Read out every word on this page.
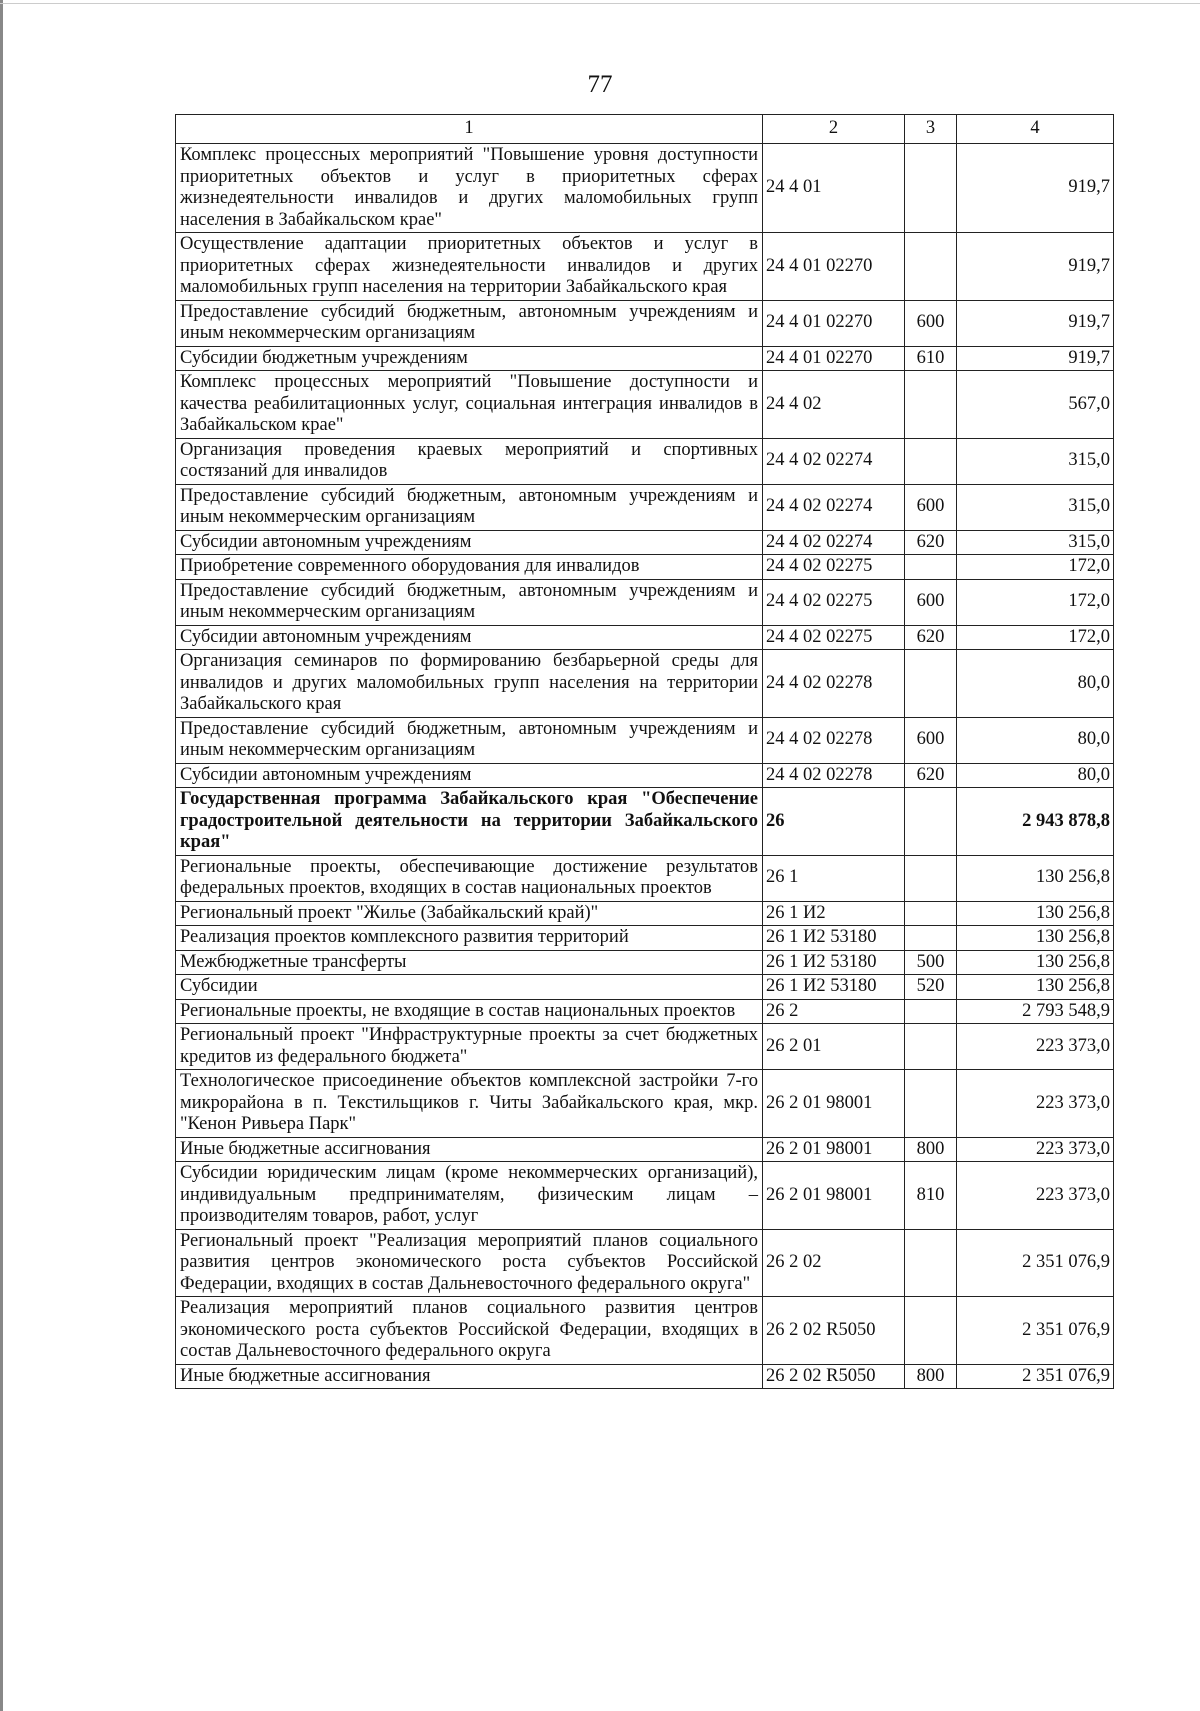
77
1	2	3	4
Комплекс процессных мероприятий "Повышение уровня доступности приоритетных объектов и услуг в приоритетных сферах жизнедеятельности инвалидов и других маломобильных групп населения в Забайкальском крае"	24 4 01		919,7
Осуществление адаптации приоритетных объектов и услуг в приоритетных сферах жизнедеятельности инвалидов и других маломобильных групп населения на территории Забайкальского края	24 4 01 02270		919,7
Предоставление субсидий бюджетным, автономным учреждениям и иным некоммерческим организациям	24 4 01 02270	600	919,7
Субсидии бюджетным учреждениям	24 4 01 02270	610	919,7
Комплекс процессных мероприятий "Повышение доступности и качества реабилитационных услуг, социальная интеграция инвалидов в Забайкальском крае"	24 4 02		567,0
Организация проведения краевых мероприятий и спортивных состязаний для инвалидов	24 4 02 02274		315,0
Предоставление субсидий бюджетным, автономным учреждениям и иным некоммерческим организациям	24 4 02 02274	600	315,0
Субсидии автономным учреждениям	24 4 02 02274	620	315,0
Приобретение современного оборудования для инвалидов	24 4 02 02275		172,0
Предоставление субсидий бюджетным, автономным учреждениям и иным некоммерческим организациям	24 4 02 02275	600	172,0
Субсидии автономным учреждениям	24 4 02 02275	620	172,0
Организация семинаров по формированию безбарьерной среды для инвалидов и других маломобильных групп населения на территории Забайкальского края	24 4 02 02278		80,0
Предоставление субсидий бюджетным, автономным учреждениям и иным некоммерческим организациям	24 4 02 02278	600	80,0
Субсидии автономным учреждениям	24 4 02 02278	620	80,0
Государственная программа Забайкальского края "Обеспечение градостроительной деятельности на территории Забайкальского края"	26		2 943 878,8
Региональные проекты, обеспечивающие достижение результатов федеральных проектов, входящих в состав национальных проектов	26 1		130 256,8
Региональный проект "Жилье (Забайкальский край)"	26 1 И2		130 256,8
Реализация проектов комплексного развития территорий	26 1 И2 53180		130 256,8
Межбюджетные трансферты	26 1 И2 53180	500	130 256,8
Субсидии	26 1 И2 53180	520	130 256,8
Региональные проекты, не входящие в состав национальных проектов	26 2		2 793 548,9
Региональный проект "Инфраструктурные проекты за счет бюджетных кредитов из федерального бюджета"	26 2 01		223 373,0
Технологическое присоединение объектов комплексной застройки 7-го микрорайона в п. Текстильщиков г. Читы Забайкальского края, мкр. "Кенон Ривьера Парк"	26 2 01 98001		223 373,0
Иные бюджетные ассигнования	26 2 01 98001	800	223 373,0
Субсидии юридическим лицам (кроме некоммерческих организаций), индивидуальным предпринимателям, физическим лицам – производителям товаров, работ, услуг	26 2 01 98001	810	223 373,0
Региональный проект "Реализация мероприятий планов социального развития центров экономического роста субъектов Российской Федерации, входящих в состав Дальневосточного федерального округа"	26 2 02		2 351 076,9
Реализация мероприятий планов социального развития центров экономического роста субъектов Российской Федерации, входящих в состав Дальневосточного федерального округа	26 2 02 R5050		2 351 076,9
Иные бюджетные ассигнования	26 2 02 R5050	800	2 351 076,9
